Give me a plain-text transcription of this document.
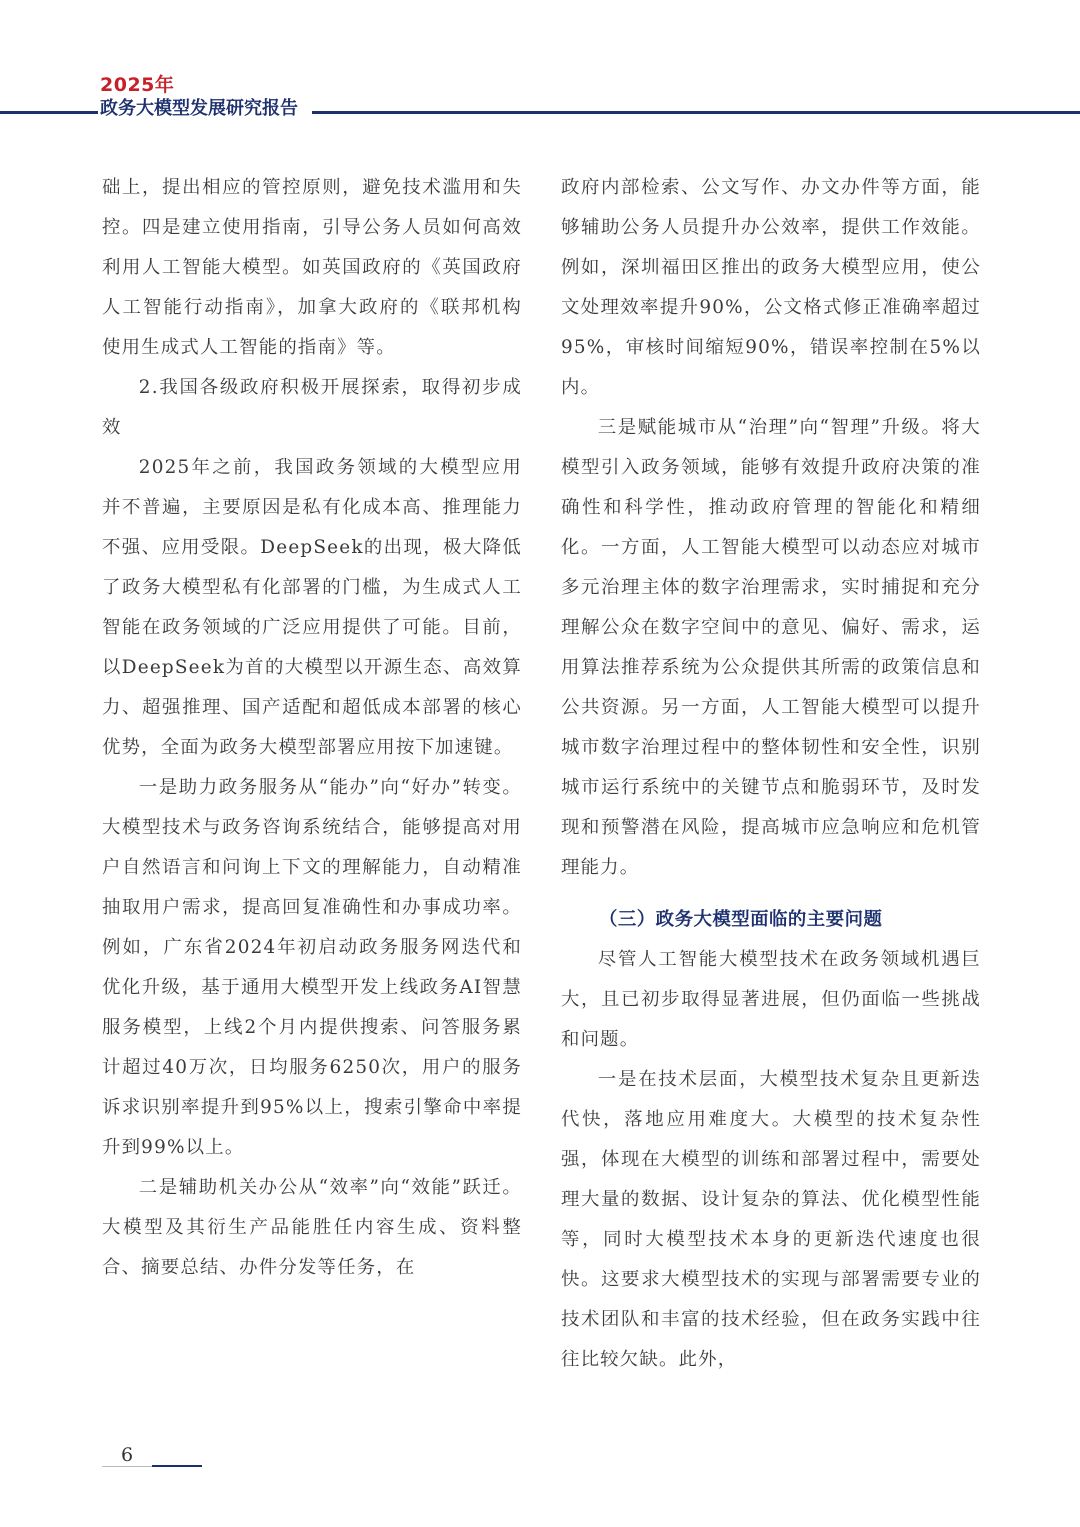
2025年
政务大模型发展研究报告

础上，提出相应的管控原则，避免技术滥用和失控。四是建立使用指南，引导公务人员如何高效利用人工智能大模型。如英国政府的《英国政府人工智能行动指南》，加拿大政府的《联邦机构使用生成式人工智能的指南》等。

2.我国各级政府积极开展探索，取得初步成效

2025年之前，我国政务领域的大模型应用并不普遍，主要原因是私有化成本高、推理能力不强、应用受限。DeepSeek的出现，极大降低了政务大模型私有化部署的门槛，为生成式人工智能在政务领域的广泛应用提供了可能。目前，以DeepSeek为首的大模型以开源生态、高效算力、超强推理、国产适配和超低成本部署的核心优势，全面为政务大模型部署应用按下加速键。

一是助力政务服务从“能办”向“好办”转变。大模型技术与政务咨询系统结合，能够提高对用户自然语言和问询上下文的理解能力，自动精准抽取用户需求，提高回复准确性和办事成功率。例如，广东省2024年初启动政务服务网迭代和优化升级，基于通用大模型开发上线政务AI智慧服务模型，上线2个月内提供搜索、问答服务累计超过40万次，日均服务6250次，用户的服务诉求识别率提升到95%以上，搜索引擎命中率提升到99%以上。

二是辅助机关办公从“效率”向“效能”跃迁。大模型及其衍生产品能胜任内容生成、资料整合、摘要总结、办件分发等任务，在

政府内部检索、公文写作、办文办件等方面，能够辅助公务人员提升办公效率，提供工作效能。例如，深圳福田区推出的政务大模型应用，使公文处理效率提升90%，公文格式修正准确率超过95%，审核时间缩短90%，错误率控制在5%以内。

三是赋能城市从“治理”向“智理”升级。将大模型引入政务领域，能够有效提升政府决策的准确性和科学性，推动政府管理的智能化和精细化。一方面，人工智能大模型可以动态应对城市多元治理主体的数字治理需求，实时捕捉和充分理解公众在数字空间中的意见、偏好、需求，运用算法推荐系统为公众提供其所需的政策信息和公共资源。另一方面，人工智能大模型可以提升城市数字治理过程中的整体韧性和安全性，识别城市运行系统中的关键节点和脆弱环节，及时发现和预警潜在风险，提高城市应急响应和危机管理能力。

（三）政务大模型面临的主要问题

尽管人工智能大模型技术在政务领域机遇巨大，且已初步取得显著进展，但仍面临一些挑战和问题。

一是在技术层面，大模型技术复杂且更新迭代快，落地应用难度大。大模型的技术复杂性强，体现在大模型的训练和部署过程中，需要处理大量的数据、设计复杂的算法、优化模型性能等，同时大模型技术本身的更新迭代速度也很快。这要求大模型技术的实现与部署需要专业的技术团队和丰富的技术经验，但在政务实践中往往比较欠缺。此外，

6
